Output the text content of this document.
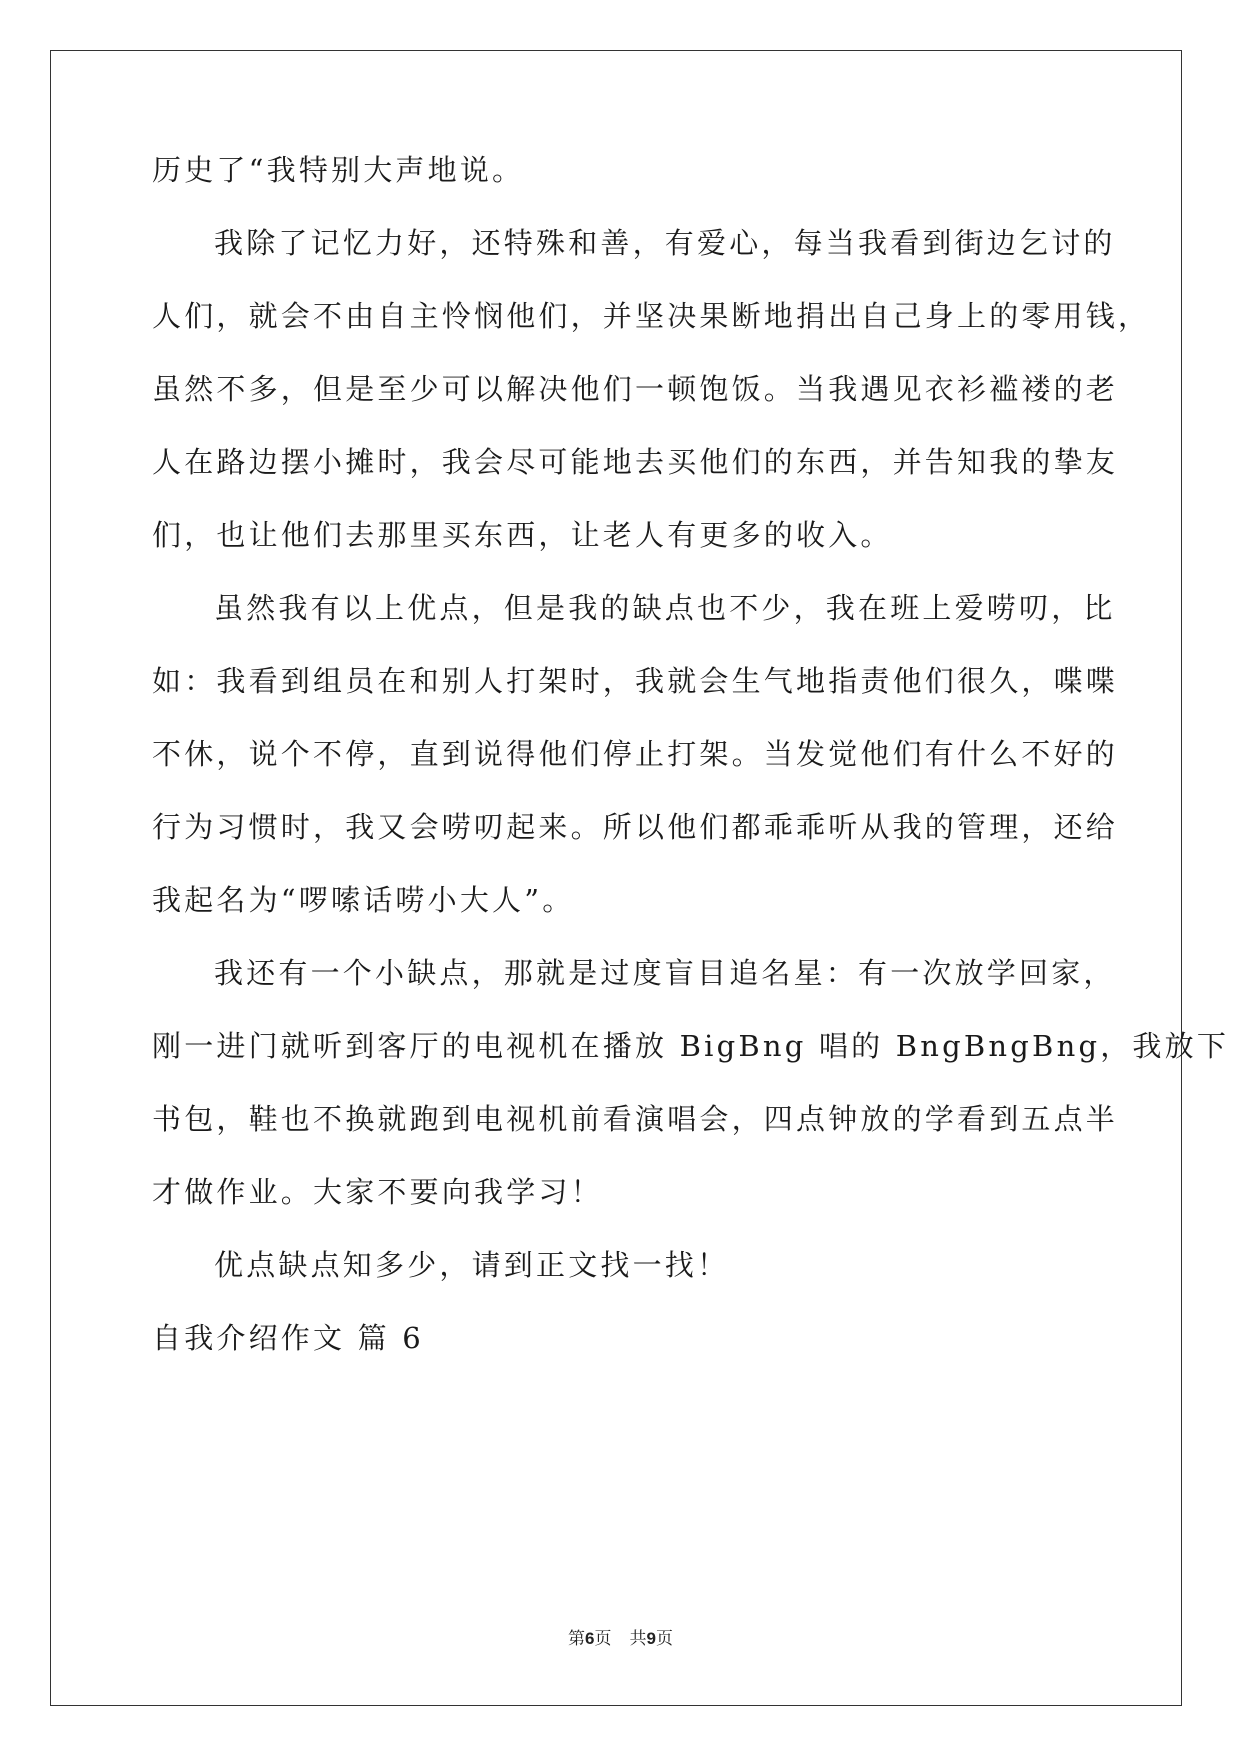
历史了“我特别大声地说。
我除了记忆力好，还特殊和善，有爱心，每当我看到街边乞讨的
人们，就会不由自主怜悯他们，并坚决果断地捐出自己身上的零用钱，
虽然不多，但是至少可以解决他们一顿饱饭。当我遇见衣衫褴褛的老
人在路边摆小摊时，我会尽可能地去买他们的东西，并告知我的挚友
们，也让他们去那里买东西，让老人有更多的收入。
虽然我有以上优点，但是我的缺点也不少，我在班上爱唠叨，比
如：我看到组员在和别人打架时，我就会生气地指责他们很久，喋喋
不休，说个不停，直到说得他们停止打架。当发觉他们有什么不好的
行为习惯时，我又会唠叨起来。所以他们都乖乖听从我的管理，还给
我起名为“啰嗦话唠小大人”。
我还有一个小缺点，那就是过度盲目追名星：有一次放学回家，
刚一进门就听到客厅的电视机在播放 BigBng 唱的 BngBngBng，我放下
书包，鞋也不换就跑到电视机前看演唱会，四点钟放的学看到五点半
才做作业。大家不要向我学习！
优点缺点知多少，请到正文找一找！
自我介绍作文 篇 6
第6页 共9页
